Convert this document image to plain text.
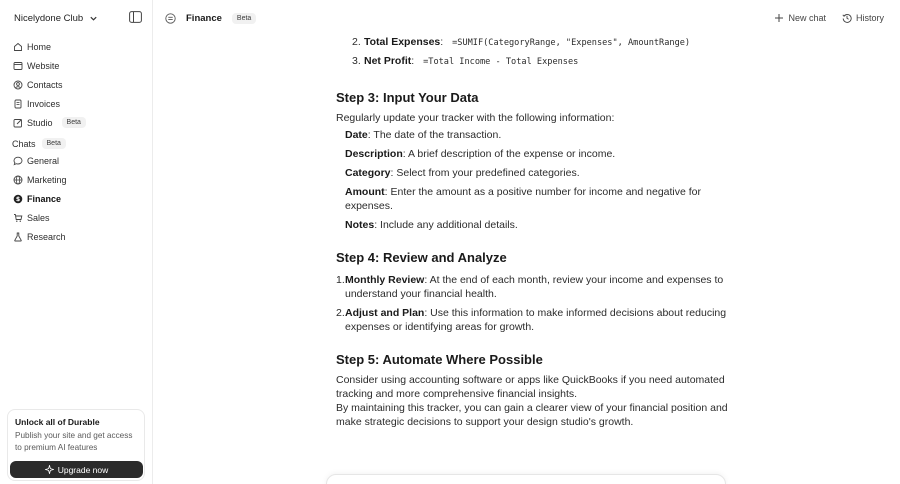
Nicelydone Club
Home
Website
Contacts
Invoices
Studio	Beta
Chats	Beta
General
Marketing
$ Finance
Sales
Research
Unlock all of Durable
Publish your site and get access to premium AI features
Upgrade now
Finance	Beta	New chat	History
2. Total Expenses: =SUMIF(CategoryRange, "Expenses", AmountRange)
3. Net Profit: =Total Income - Total Expenses
Step 3: Input Your Data
Regularly update your tracker with the following information:
Date: The date of the transaction.
Description: A brief description of the expense or income.
Category: Select from your predefined categories.
Amount: Enter the amount as a positive number for income and negative for
expenses.
Notes: Include any additional details.
Step 4: Review and Analyze
1. Monthly Review: At the end of each month, review your income and expenses to
understand your financial health.
2. Adjust and Plan: Use this information to make informed decisions about reducing
expenses or identifying areas for growth.
Step 5: Automate Where Possible
Consider using accounting software or apps like QuickBooks if you need automated
tracking and more comprehensive financial insights.
By maintaining this tracker, you can gain a clearer view of your financial position and
make strategic decisions to support your design studio's growth.
